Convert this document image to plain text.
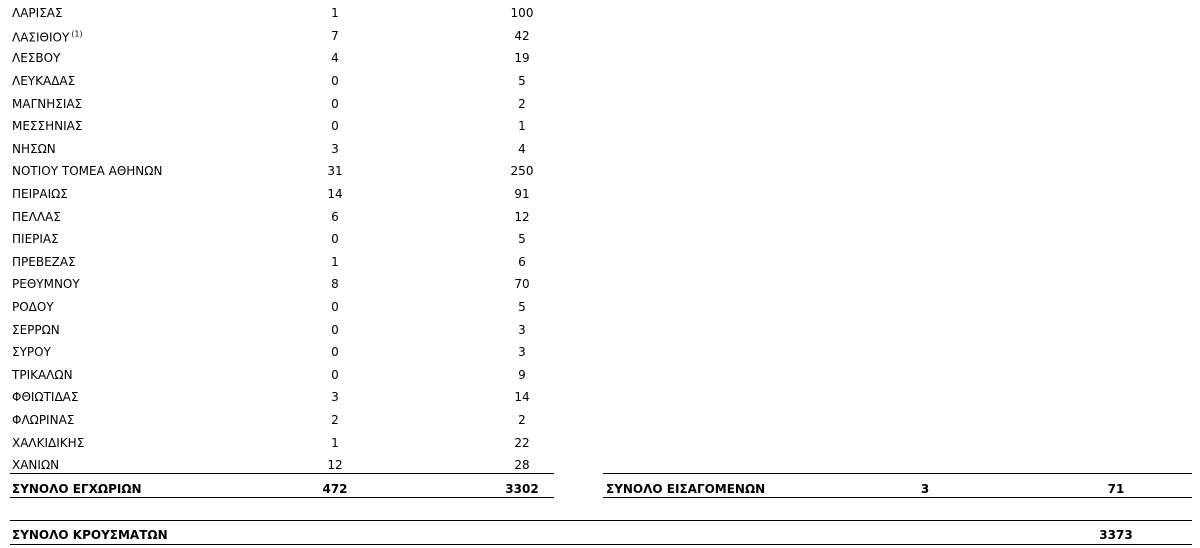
ΛΑΡΙΣΑΣ	1	100
ΛΑΣΙΘΙΟΥ $^{(1)}$	7	42
ΛΕΣΒΟΥ	4	19
ΛΕΥΚΑΔΑΣ	0	5
ΜΑΓΝΗΣΙΑΣ	0	2
ΜΕΣΣΗΝΙΑΣ	0	1
ΝΗΣΩΝ	3	4
ΝΟΤΙΟΥ ΤΟΜΕΑ ΑΘΗΝΩΝ	31	250
ΠΕΙΡΑΙΩΣ	14	91
ΠΕΛΛΑΣ	6	12
ΠΙΕΡΙΑΣ	0	5
ΠΡΕΒΕΖΑΣ	1	6
ΡΕΘΥΜΝΟΥ	8	70
ΡΟΔΟΥ	0	5
ΣΕΡΡΩΝ	0	3
ΣΥΡΟΥ	0	3
ΤΡΙΚΑΛΩΝ	0	9
ΦΘΙΩΤΙΔΑΣ	3	14
ΦΛΩΡΙΝΑΣ	2	2
ΧΑΛΚΙΔΙΚΗΣ	1	22
ΧΑΝΙΩΝ	12	28
ΣΥΝΟΛΟ ΕΓΧΩΡΙΩΝ	472	3302	ΣΥΝΟΛΟ ΕΙΣΑΓΟΜΕΝΩΝ	3	71
ΣΥΝΟΛΟ ΚΡΟΥΣΜΑΤΩΝ	3373
